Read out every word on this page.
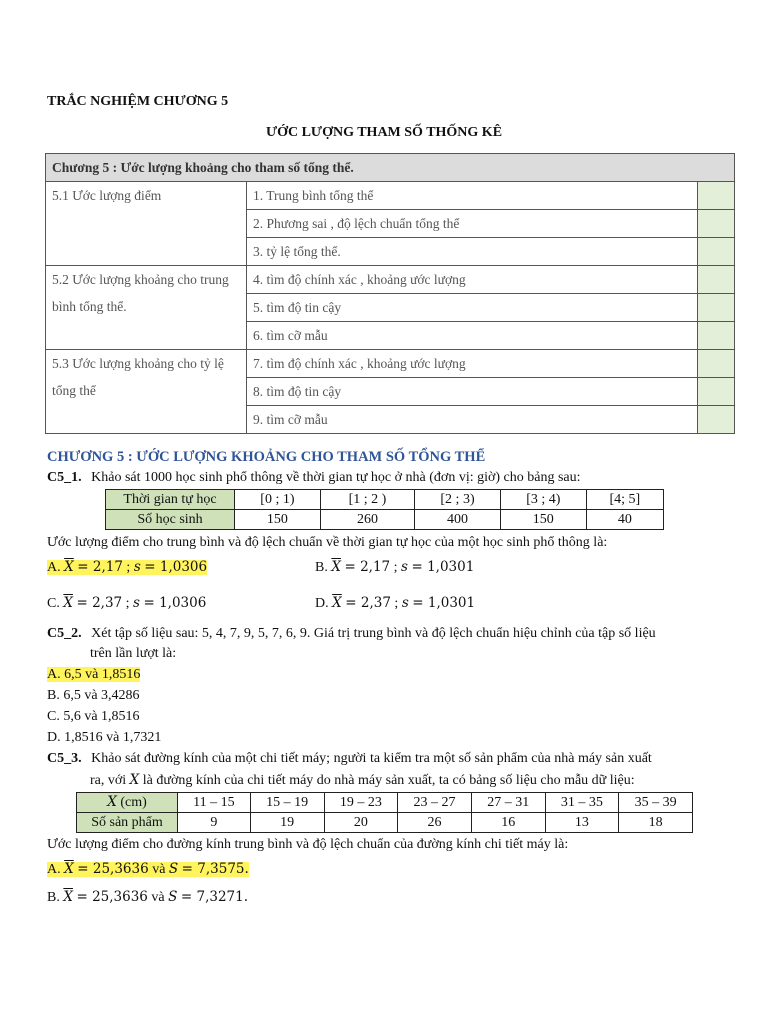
TRẮC NGHIỆM CHƯƠNG 5
ƯỚC LƯỢNG THAM SỐ THỐNG KÊ
Chương 5 : Ước lượng khoảng cho tham số tổng thể.		
5.1 Ước lượng điểm	1. Trung bình tổng thể	
	2. Phương sai , độ lệch chuẩn tổng thể	
	3. tỷ lệ tổng thể.	
5.2 Ước lượng khoảng cho trung bình tổng thể.	4. tìm độ chính xác , khoảng ước lượng	
	5. tìm độ tin cậy	
	6. tìm cỡ mẫu	
5.3 Ước lượng khoảng cho tỷ lệ tổng thể	7. tìm độ chính xác , khoảng ước lượng	
	8. tìm độ tin cậy	
	9. tìm cỡ mẫu	
CHƯƠNG 5 : ƯỚC LƯỢNG KHOẢNG CHO THAM SỐ TỔNG THỂ
C5_1. Khảo sát 1000 học sinh phổ thông về thời gian tự học ở nhà (đơn vị: giờ) cho bảng sau:
Thời gian tự học	[0 ; 1)	[1 ; 2 )	[2 ; 3)	[3 ; 4)	[4; 5]
Số học sinh	150	260	400	150	40
Ước lượng điểm cho trung bình và độ lệch chuẩn về thời gian tự học của một học sinh phổ thông là:
A. $\overline{X} = 2,17$ ; s = 1,0306	B. $\overline{X} = 2,17$ ; s = 1,0301
C. $\overline{X} = 2,37$ ; s = 1,0306	D. $\overline{X} = 2,37$ ; s = 1,0301
C5_2. Xét tập số liệu sau: 5, 4, 7, 9, 5, 7, 6, 9. Giá trị trung bình và độ lệch chuẩn hiệu chỉnh của tập số liệu
trên lần lượt là:
A. 6,5 và 1,8516
B. 6,5 và 3,4286
C. 5,6 và 1,8516
D. 1,8516 và 1,7321
C5_3. Khảo sát đường kính của một chi tiết máy; người ta kiểm tra một số sản phẩm của nhà máy sản xuất
ra, với X là đường kính của chi tiết máy do nhà máy sản xuất, ta có bảng số liệu cho mẫu dữ liệu:
X (cm)	11 – 15	15 – 19	19 – 23	23 – 27	27 – 31	31 – 35	35 – 39
Số sản phẩm	9	19	20	26	16	13	18
Ước lượng điểm cho đường kính trung bình và độ lệch chuẩn của đường kính chi tiết máy là:
A. $\overline{X} = 25,3636$ và S = 7,3575.
B. $\overline{X} = 25,3636$ và S = 7,3271.
